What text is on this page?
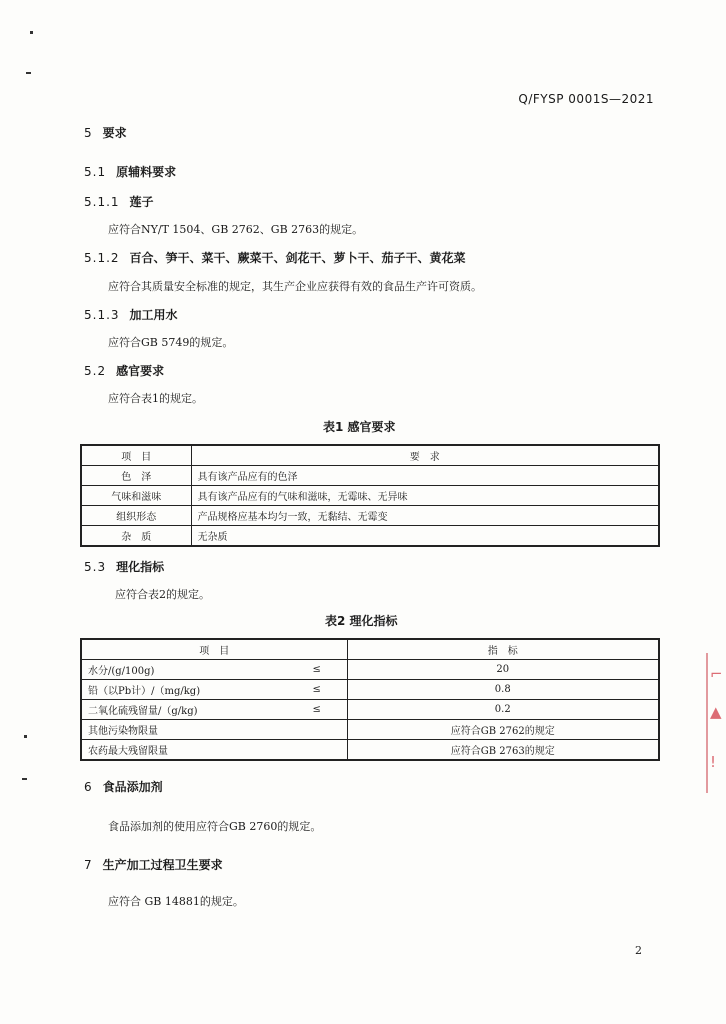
Q/FYSP 0001S—2021
5 要求
5.1 原辅料要求
5.1.1 莲子
应符合NY/T 1504、GB 2762、GB 2763的规定。
5.1.2 百合、笋干、菜干、蕨菜干、剑花干、萝卜干、茄子干、黄花菜
应符合其质量安全标准的规定，其生产企业应获得有效的食品生产许可资质。
5.1.3 加工用水
应符合GB 5749的规定。
5.2 感官要求
应符合表1的规定。
表1 感官要求
项　目	要　求
色　泽	具有该产品应有的色泽
气味和滋味	具有该产品应有的气味和滋味，无霉味、无异味
组织形态	产品规格应基本均匀一致，无黏结、无霉变
杂　质	无杂质
5.3 理化指标
应符合表2的规定。
表2 理化指标
项　目		指　标
水分/(g/100g)	≤	20
铅（以Pb计）/（mg/kg)	≤	0.8
二氧化硫残留量/（g/kg)	≤	0.2
其他污染物限量		应符合GB 2762的规定
农药最大残留限量		应符合GB 2763的规定
6 食品添加剂
食品添加剂的使用应符合GB 2760的规定。
7 生产加工过程卫生要求
应符合 GB 14881的规定。
2
⌐
▲
!
